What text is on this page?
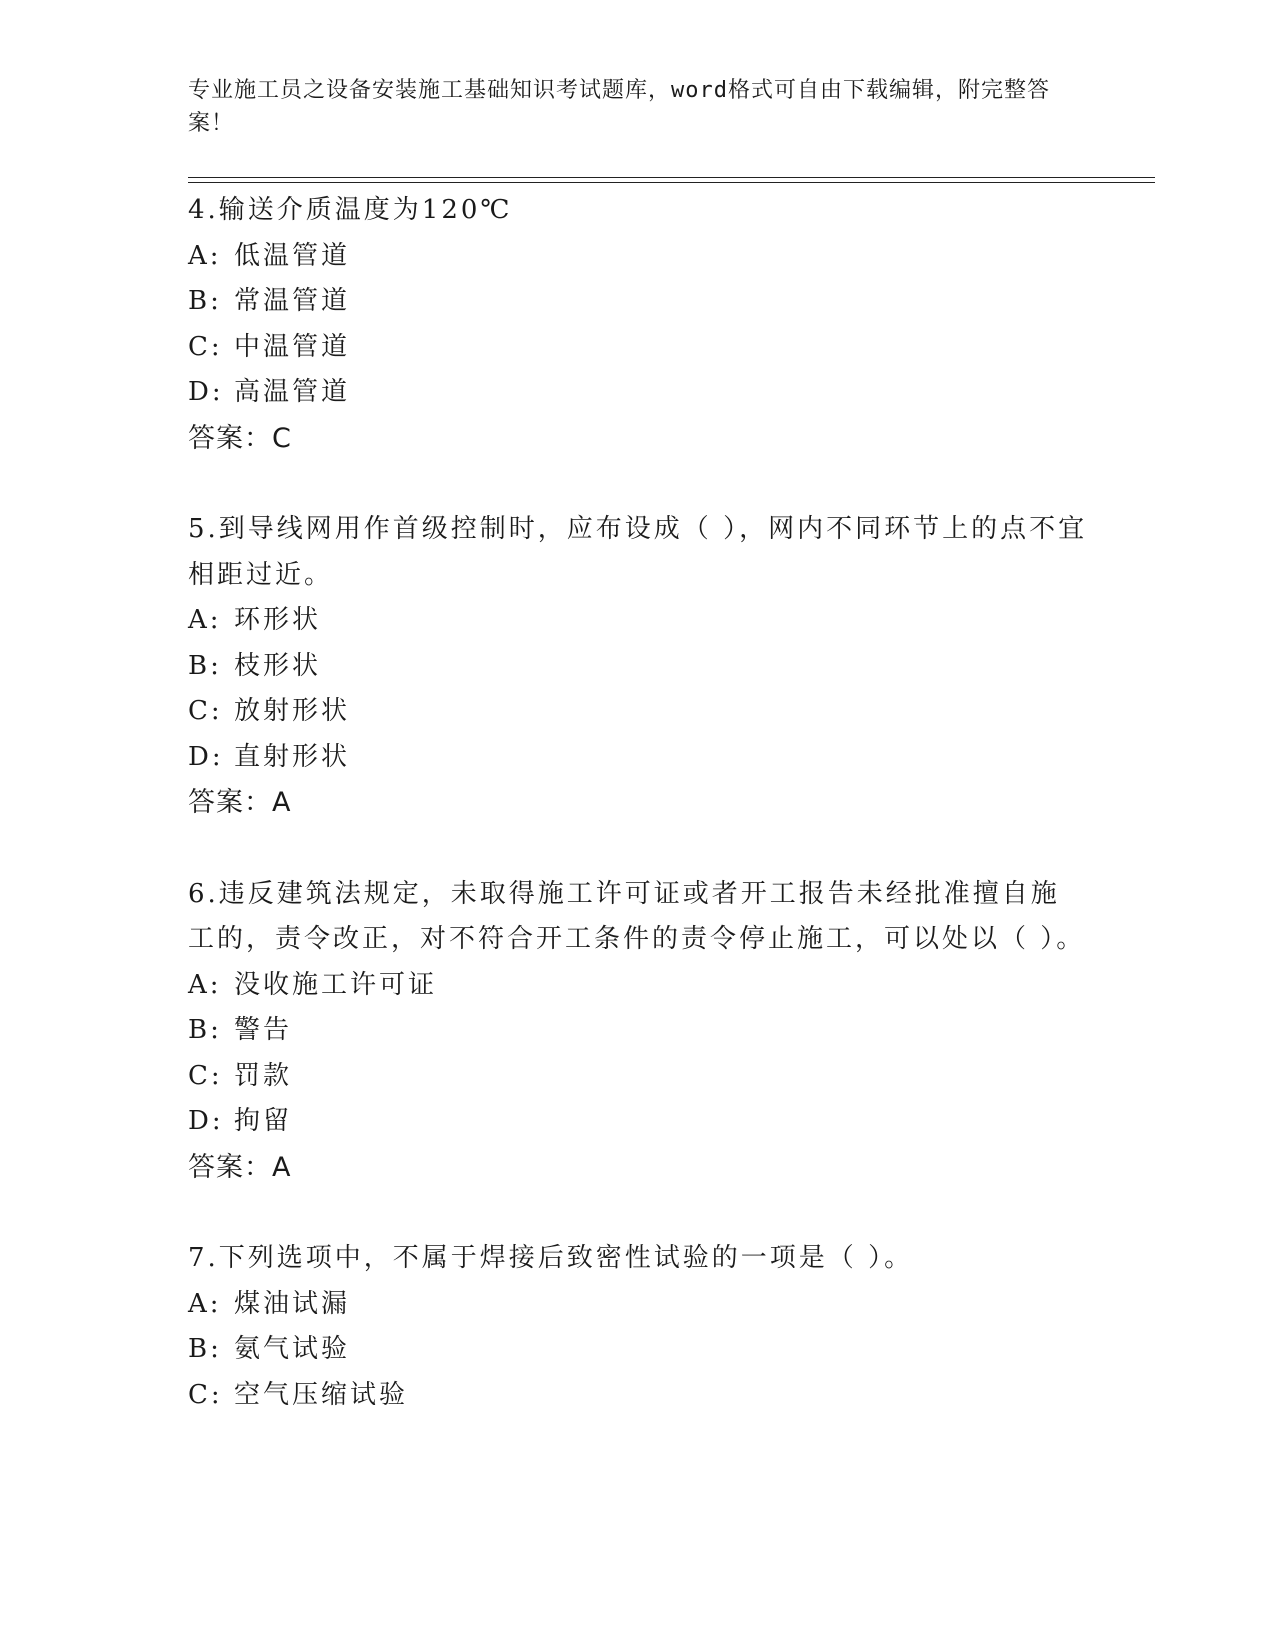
专业施工员之设备安装施工基础知识考试题库，word格式可自由下载编辑，附完整答案！
4.输送介质温度为120℃
A: 低温管道
B: 常温管道
C: 中温管道
D: 高温管道
答案：C
5.到导线网用作首级控制时，应布设成（ ），网内不同环节上的点不宜相距过近。
A: 环形状
B: 枝形状
C: 放射形状
D: 直射形状
答案：A
6.违反建筑法规定，未取得施工许可证或者开工报告未经批准擅自施工的，责令改正，对不符合开工条件的责令停止施工，可以处以（ ）。
A: 没收施工许可证
B: 警告
C: 罚款
D: 拘留
答案：A
7.下列选项中，不属于焊接后致密性试验的一项是（ ）。
A: 煤油试漏
B: 氨气试验
C: 空气压缩试验
